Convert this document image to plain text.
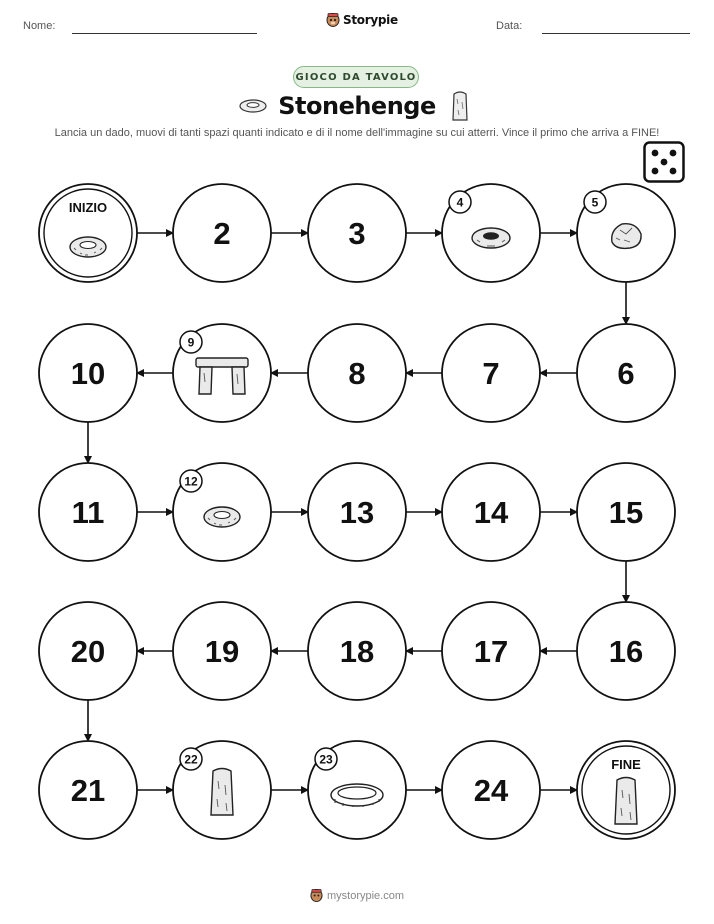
Nome:	Storypie	Data:
GIOCO DA TAVOLO
Stonehenge
Lancia un dado, muovi di tanti spazi quanti indicato e di il nome dell'immagine su cui atterri. Vince il primo che arriva a FINE!
INIZIO
2	3
4	5
6
7
8
9
10
11
12
13	14	15
16
17
18
19
20
21
22	23
24
FINE
mystorypie.com
